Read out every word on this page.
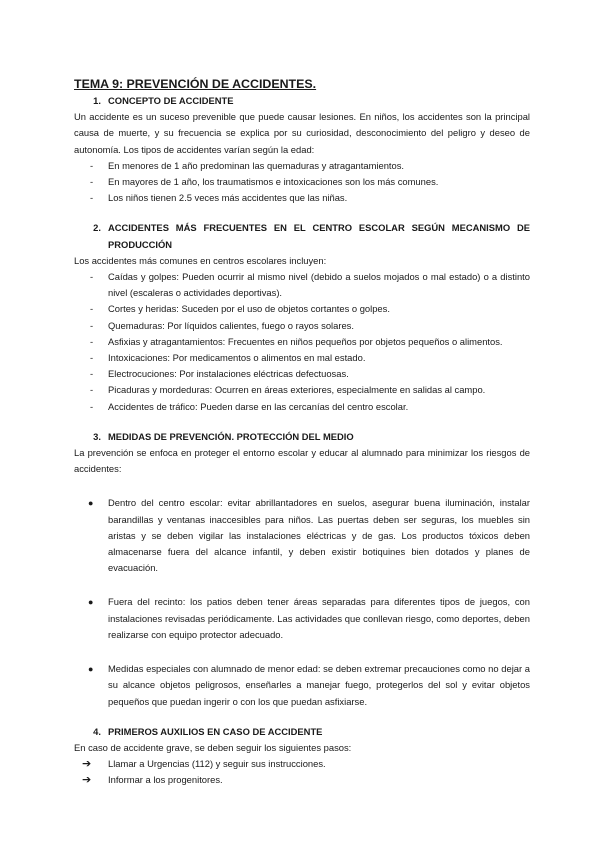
TEMA 9: PREVENCIÓN DE ACCIDENTES.
1. CONCEPTO DE ACCIDENTE

Un accidente es un suceso prevenible que puede causar lesiones. En niños, los accidentes son la principal causa de muerte, y su frecuencia se explica por su curiosidad, desconocimiento del peligro y deseo de autonomía. Los tipos de accidentes varían según la edad:

-	En menores de 1 año predominan las quemaduras y atragantamientos.
-	En mayores de 1 año, los traumatismos e intoxicaciones son los más comunes.
-	Los niños tienen 2.5 veces más accidentes que las niñas.
2. ACCIDENTES MÁS FRECUENTES EN EL CENTRO ESCOLAR SEGÚN MECANISMO DE PRODUCCIÓN

Los accidentes más comunes en centros escolares incluyen:

-	Caídas y golpes: Pueden ocurrir al mismo nivel (debido a suelos mojados o mal estado) o a distinto nivel (escaleras o actividades deportivas).
-	Cortes y heridas: Suceden por el uso de objetos cortantes o golpes.
-	Quemaduras: Por líquidos calientes, fuego o rayos solares.
-	Asfixias y atragantamientos: Frecuentes en niños pequeños por objetos pequeños o alimentos.
-	Intoxicaciones: Por medicamentos o alimentos en mal estado.
-	Electrocuciones: Por instalaciones eléctricas defectuosas.
-	Picaduras y mordeduras: Ocurren en áreas exteriores, especialmente en salidas al campo.
-	Accidentes de tráfico: Pueden darse en las cercanías del centro escolar.
3. MEDIDAS DE PREVENCIÓN. PROTECCIÓN DEL MEDIO

La prevención se enfoca en proteger el entorno escolar y educar al alumnado para minimizar los riesgos de accidentes:

●	Dentro del centro escolar: evitar abrillantadores en suelos, asegurar buena iluminación, instalar barandillas y ventanas inaccesibles para niños. Las puertas deben ser seguras, los muebles sin aristas y se deben vigilar las instalaciones eléctricas y de gas. Los productos tóxicos deben almacenarse fuera del alcance infantil, y deben existir botiquines bien dotados y planes de evacuación.
●	Fuera del recinto: los patios deben tener áreas separadas para diferentes tipos de juegos, con instalaciones revisadas periódicamente. Las actividades que conllevan riesgo, como deportes, deben realizarse con equipo protector adecuado.
●	Medidas especiales con alumnado de menor edad: se deben extremar precauciones como no dejar a su alcance objetos peligrosos, enseñarles a manejar fuego, protegerlos del sol y evitar objetos pequeños que puedan ingerir o con los que puedan asfixiarse.
4. PRIMEROS AUXILIOS EN CASO DE ACCIDENTE

En caso de accidente grave, se deben seguir los siguientes pasos:

➔	Llamar a Urgencias (112) y seguir sus instrucciones.
➔	Informar a los progenitores.
